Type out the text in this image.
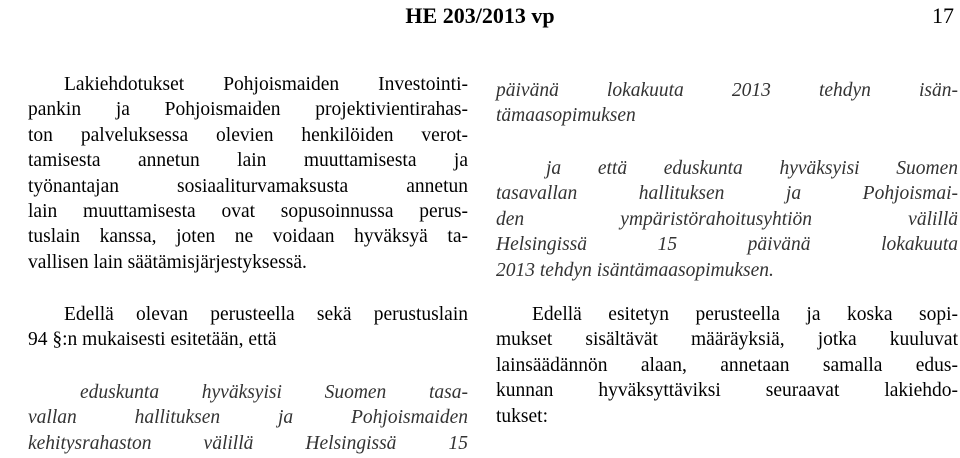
HE 203/2013 vp	17
Lakiehdotukset Pohjoismaiden Investointi-
pankin ja Pohjoismaiden projektivientirahas-
ton palveluksessa olevien henkilöiden verot-
tamisesta annetun lain muuttamisesta ja
työnantajan sosiaaliturvamaksusta annetun
lain muuttamisesta ovat sopusoinnussa perus-
tuslain kanssa, joten ne voidaan hyväksyä ta-
vallisen lain säätämisjärjestyksessä.
Edellä olevan perusteella sekä perustuslain
94 §:n mukaisesti esitetään, että
eduskunta hyväksyisi Suomen tasa-
vallan hallituksen ja Pohjoismaiden
kehitysrahaston välillä Helsingissä 15
päivänä lokakuuta 2013 tehdyn isän-
tämaasopimuksen
ja että eduskunta hyväksyisi Suomen
tasavallan hallituksen ja Pohjoismai-
den ympäristörahoitusyhtiön välillä
Helsingissä 15 päivänä lokakuuta
2013 tehdyn isäntämaasopimuksen.
Edellä esitetyn perusteella ja koska sopi-
mukset sisältävät määräyksiä, jotka kuuluvat
lainsäädännön alaan, annetaan samalla edus-
kunnan hyväksyttäviksi seuraavat lakiehdo-
tukset:
